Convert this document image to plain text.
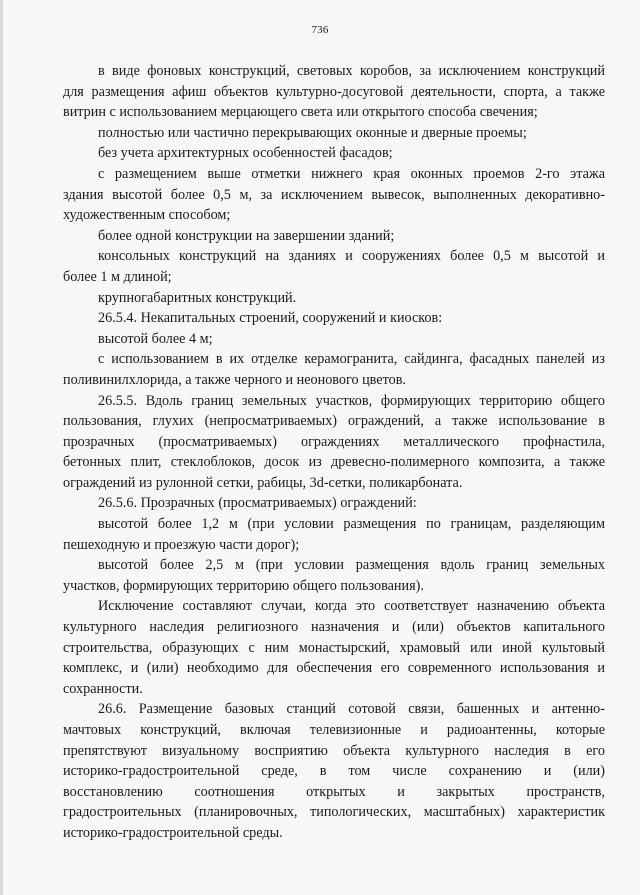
736
в виде фоновых конструкций, световых коробов, за исключением конструкций
для размещения афиш объектов культурно-досуговой деятельности, спорта, а также
витрин с использованием мерцающего света или открытого способа свечения;
полностью или частично перекрывающих оконные и дверные проемы;
без учета архитектурных особенностей фасадов;
с размещением выше отметки нижнего края оконных проемов 2-го этажа
здания высотой более 0,5 м, за исключением вывесок, выполненных декоративно-
художественным способом;
более одной конструкции на завершении зданий;
консольных конструкций на зданиях и сооружениях более 0,5 м высотой и
более 1 м длиной;
крупногабаритных конструкций.
26.5.4. Некапитальных строений, сооружений и киосков:
высотой более 4 м;
с использованием в их отделке керамогранита, сайдинга, фасадных панелей из
поливинилхлорида, а также черного и неонового цветов.
26.5.5. Вдоль границ земельных участков, формирующих территорию общего
пользования, глухих (непросматриваемых) ограждений, а также использование в
прозрачных (просматриваемых) ограждениях металлического профнастила,
бетонных плит, стеклоблоков, досок из древесно-полимерного композита, а также
ограждений из рулонной сетки, рабицы, 3d-сетки, поликарбоната.
26.5.6. Прозрачных (просматриваемых) ограждений:
высотой более 1,2 м (при условии размещения по границам, разделяющим
пешеходную и проезжую части дорог);
высотой более 2,5 м (при условии размещения вдоль границ земельных
участков, формирующих территорию общего пользования).
Исключение составляют случаи, когда это соответствует назначению объекта
культурного наследия религиозного назначения и (или) объектов капитального
строительства, образующих с ним монастырский, храмовый или иной культовый
комплекс, и (или) необходимо для обеспечения его современного использования и
сохранности.
26.6. Размещение базовых станций сотовой связи, башенных и антенно-
мачтовых конструкций, включая телевизионные и радиоантенны, которые
препятствуют визуальному восприятию объекта культурного наследия в его
историко-градостроительной среде, в том числе сохранению и (или)
восстановлению соотношения открытых и закрытых пространств,
градостроительных (планировочных, типологических, масштабных) характеристик
историко-градостроительной среды.
